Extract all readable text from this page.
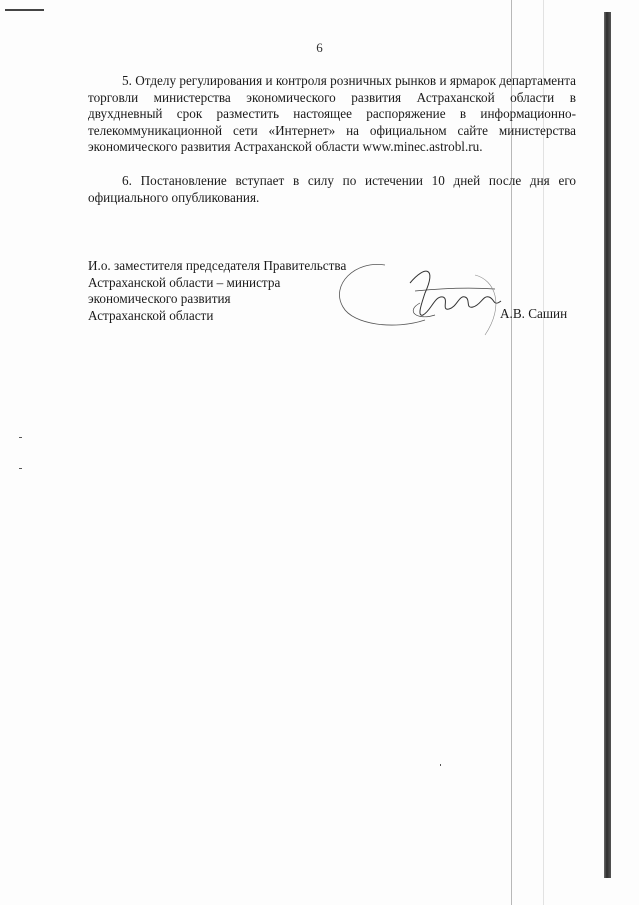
6

5. Отделу регулирования и контроля розничных рынков и ярмарок департамента торговли министерства экономического развития Астраханской области в двухдневный срок разместить настоящее распоряжение в информационно-телекоммуникационной сети «Интернет» на официальном сайте министерства экономического развития Астраханской области www.minec.astrobl.ru.

6. Постановление вступает в силу по истечении 10 дней после дня его официального опубликования.

И.о. заместителя председателя Правительства
Астраханской области – министра
экономического развития
Астраханской области	А.В. Сашин
